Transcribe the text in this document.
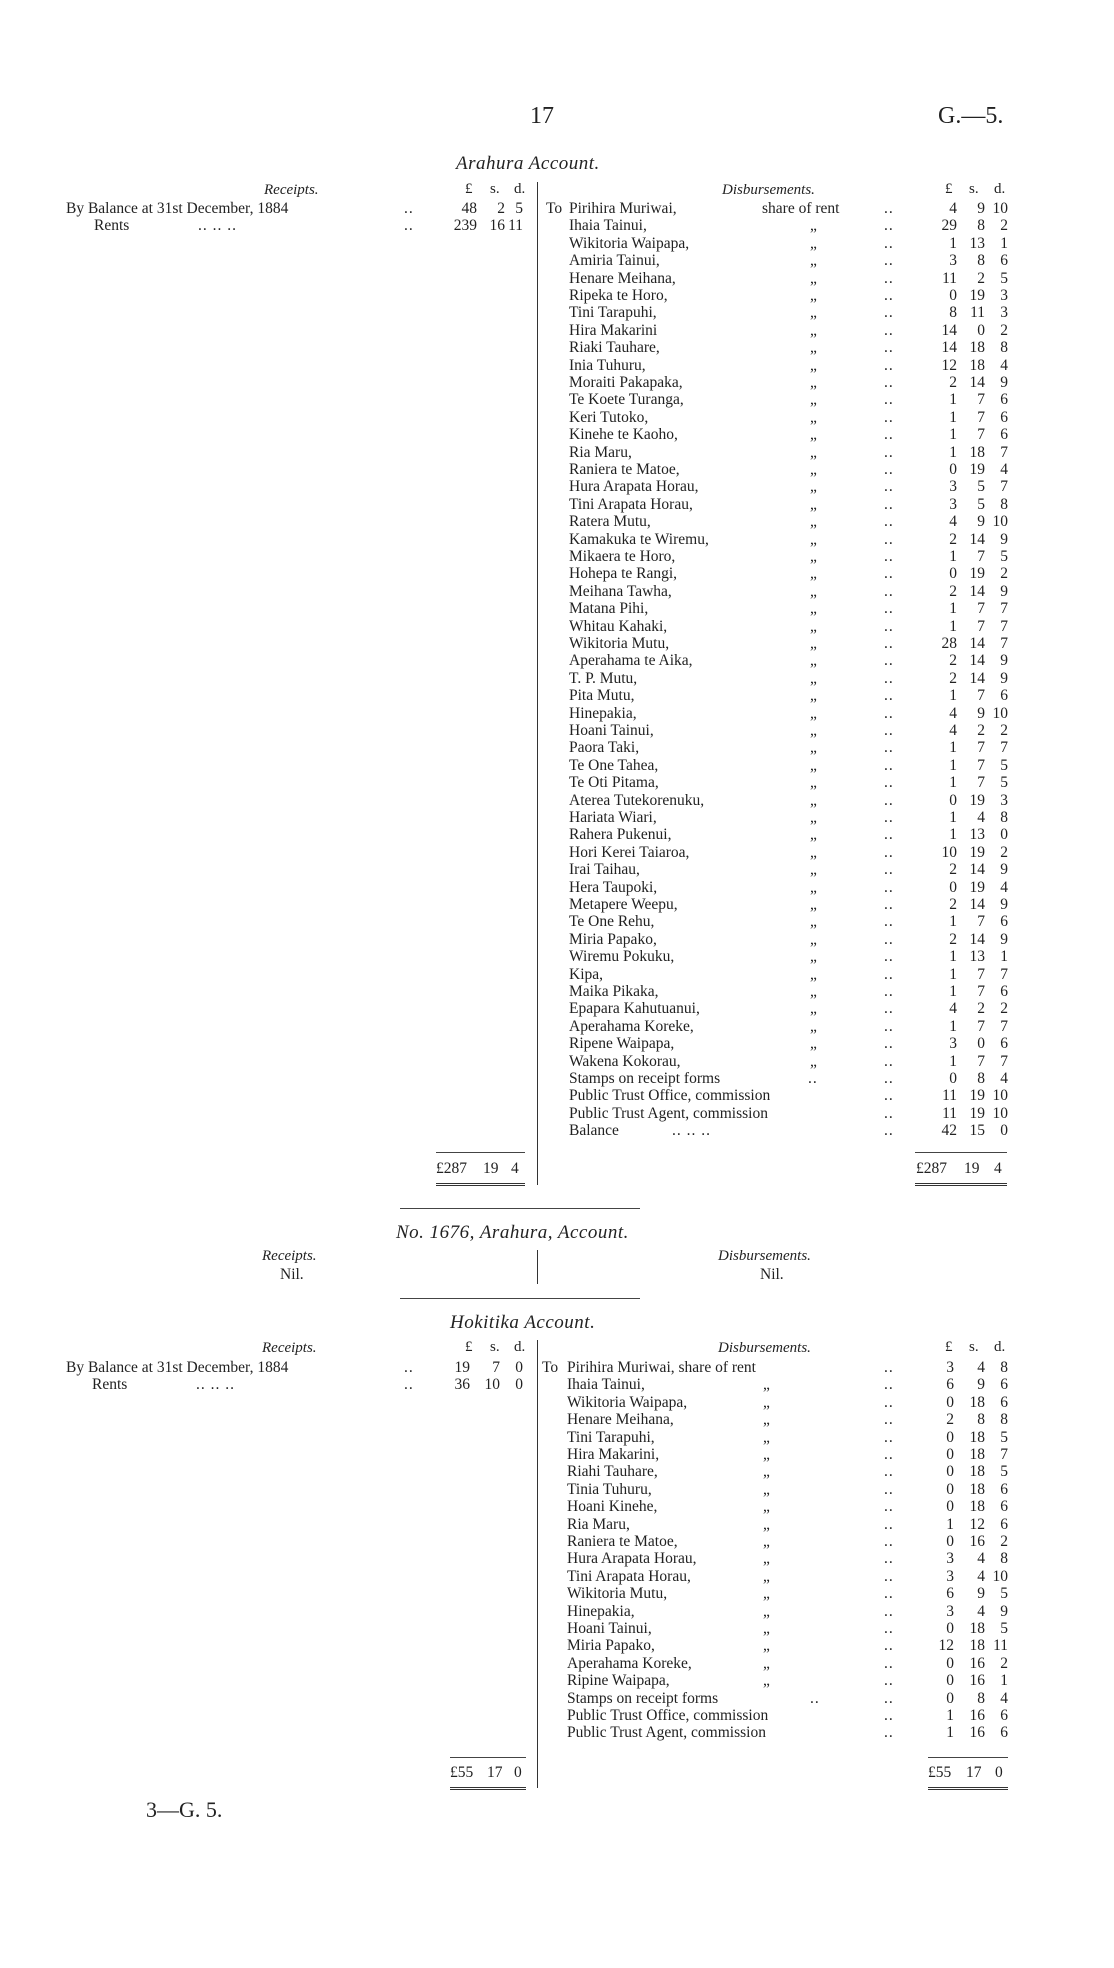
17	G.—5.
Arahura Account.
Receipts.	Disbursements.
£ s. d.	£ s. d.
By Balance at 31st December, 1884	..	48	2 5
Rents	.. .. ..	..	239 16 11
To Pirihira Muriwai,	share of rent	..	4	9 10
Ihaia Tainui,	„	..	29	8 2
Wikitoria Waipapa,	„	..	1 13 1
Amiria Tainui,	„	..	3	8 6
Henare Meihana,	„	..	11	2 5
Ripeka te Horo,	„	..	0 19 3
Tini Tarapuhi,	„	..	8 11 3
Hira Makarini	„	..	14	0 2
Riaki Tauhare,	„	..	14 18 8
Inia Tuhuru,	„	..	12 18 4
Moraiti Pakapaka,	„	..	2 14 9
Te Koete Turanga,	„	..	1	7 6
Keri Tutoko,	„	..	1	7 6
Kinehe te Kaoho,	„	..	1	7 6
Ria Maru,	„	..	1 18 7
Raniera te Matoe,	„	..	0 19 4
Hura Arapata Horau,	„	..	3	5 7
Tini Arapata Horau,	„	..	3	5 8
Ratera Mutu,	„	..	4	9 10
Kamakuka te Wiremu,	„	..	2 14 9
Mikaera te Horo,	„	..	1	7 5
Hohepa te Rangi,	„	..	0 19 2
Meihana Tawha,	„	..	2 14 9
Matana Pihi,	„	..	1	7 7
Whitau Kahaki,	„	..	1	7 7
Wikitoria Mutu,	„	..	28 14 7
Aperahama te Aika,	„	..	2 14 9
T. P. Mutu,	„	..	2 14 9
Pita Mutu,	„	..	1	7 6
Hinepakia,	„	..	4	9 10
Hoani Tainui,	„	..	4	2 2
Paora Taki,	„	..	1	7 7
Te One Tahea,	„	..	1	7 5
Te Oti Pitama,	„	..	1	7 5
Aterea Tutekorenuku,	„	..	0 19 3
Hariata Wiari,	„	..	1	4 8
Rahera Pukenui,	„	..	1 13 0
Hori Kerei Taiaroa,	„	..	10 19 2
Irai Taihau,	„	..	2 14 9
Hera Taupoki,	„	..	0 19 4
Metapere Weepu,	„	..	2 14 9
Te One Rehu,	„	..	1	7 6
Miria Papako,	„	..	2 14 9
Wiremu Pokuku,	„	..	1 13 1
Kipa,	„	..	1	7 7
Maika Pikaka,	„	..	1	7 6
Epapara Kahutuanui,	„	..	4	2 2
Aperahama Koreke,	„	..	1	7 7
Ripene Waipapa,	„	..	3	0 6
Wakena Kokorau,	„	..	1	7 7
Stamps on receipt forms	..	..	0	8 4
Public Trust Office, commission	..	11 19 10
Public Trust Agent, commission	..	11 19 10
Balance	.. .. ..	..	42 15 0
£287 19 4	£287 19 4
No. 1676, Arahura, Account.
Receipts.
Nil.
Disbursements.
Nil.
Hokitika Account.
Receipts.	Disbursements.
£ s. d.	£ s. d.
By Balance at 31st December, 1884	..	19	7 0
Rents	.. .. ..	..	36 10 0
To Pirihira Muriwai, share of rent	..	3	4 8
Ihaia Tainui,	„	..	6	9 6
Wikitoria Waipapa,	„	..	0	18 6
Henare Meihana,	„	..	2	8 8
Tini Tarapuhi,	„	..	0	18 5
Hira Makarini,	„	..	0	18 7
Riahi Tauhare,	„	..	0	18 5
Tinia Tuhuru,	„	..	0	18 6
Hoani Kinehe,	„	..	0	18 6
Ria Maru,	„	..	1	12 6
Raniera te Matoe,	„	..	0	16 2
Hura Arapata Horau,	„	..	3	4 8
Tini Arapata Horau,	„	..	3	4 10
Wikitoria Mutu,	„	..	6	9 5
Hinepakia,	„	..	3	4 9
Hoani Tainui,	„	..	0	18 5
Miria Papako,	„	..	12	18 11
Aperahama Koreke,	„	..	0	16 2
Ripine Waipapa,	„	..	0	16 1
Stamps on receipt forms	..	..	0	8 4
Public Trust Office, commission	..	1	16 6
Public Trust Agent, commission	..	1	16 6
£55 17 0	£55 17 0
3—G. 5.
